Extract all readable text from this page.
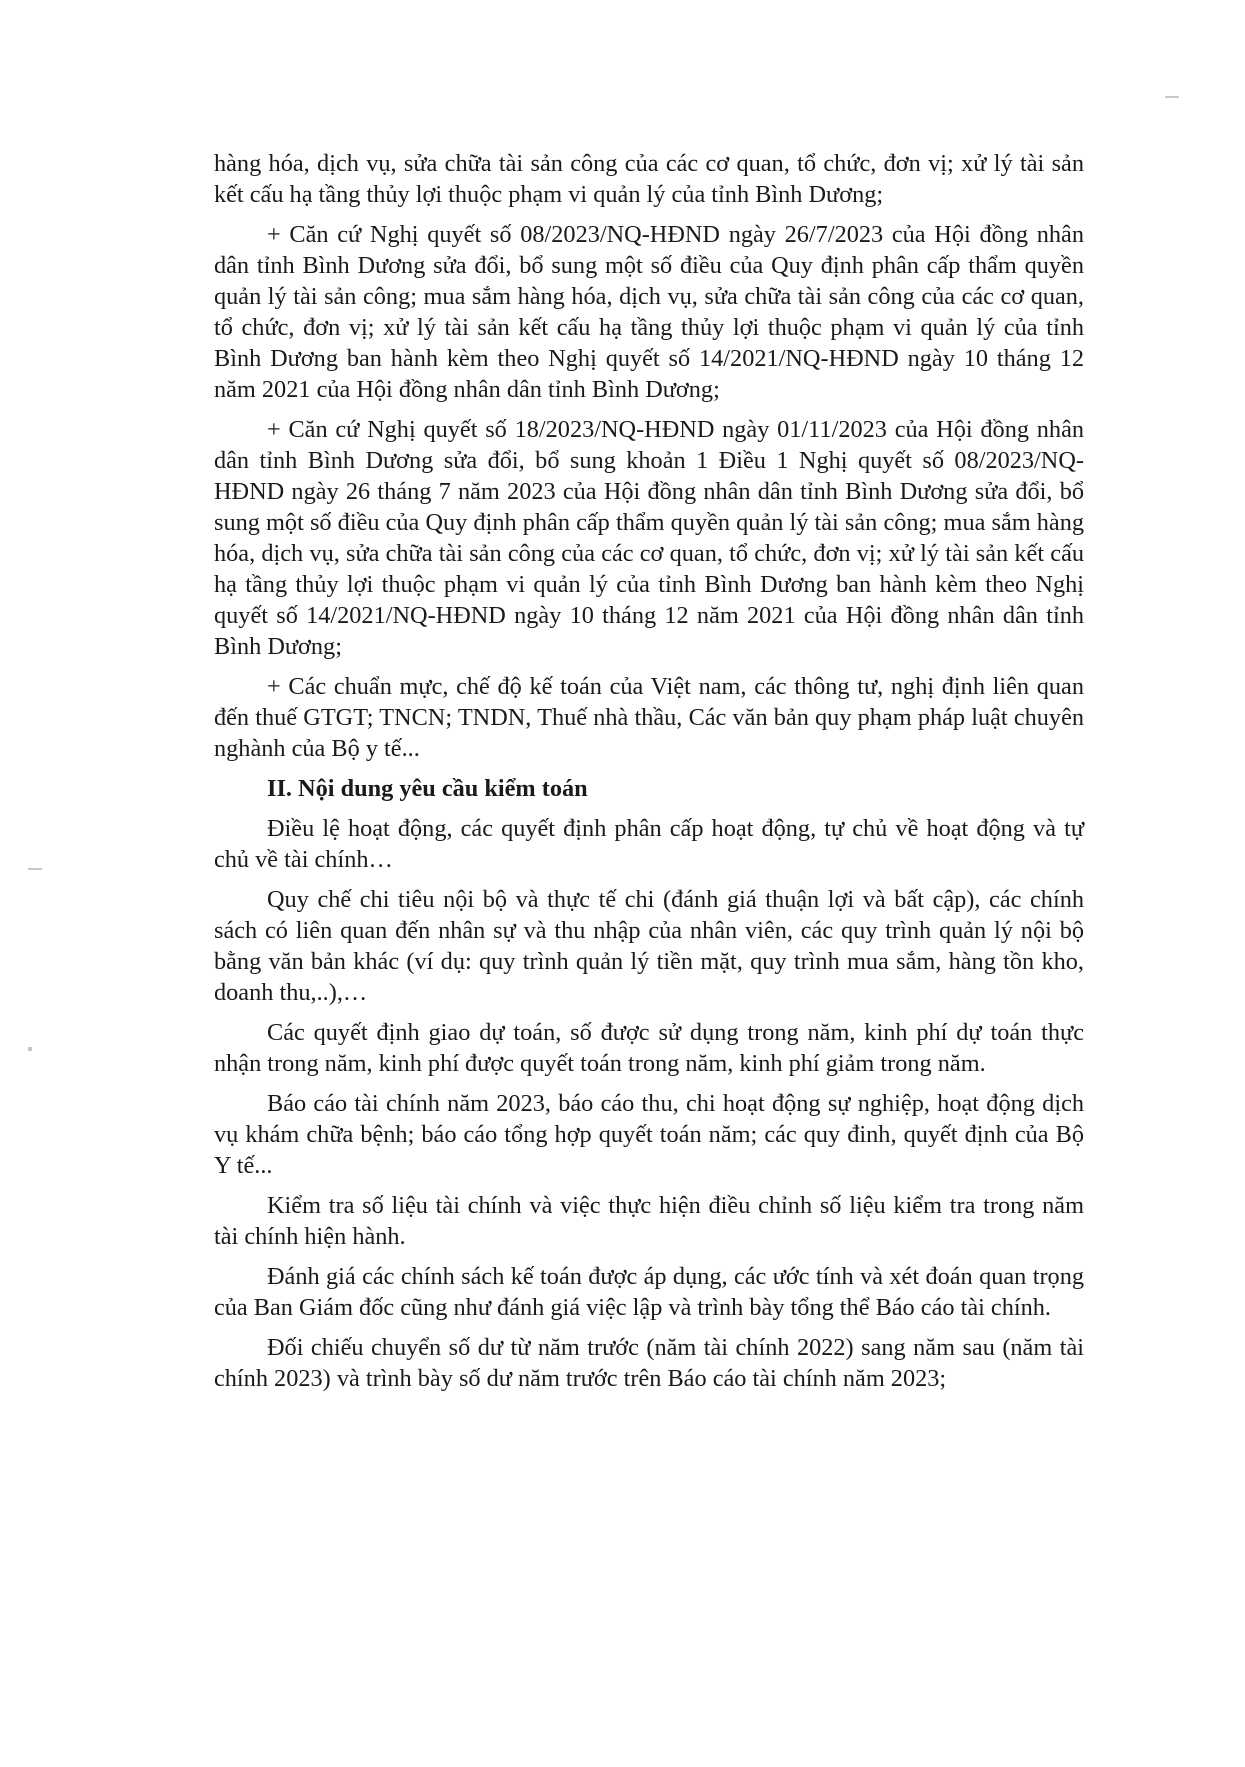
hàng hóa, dịch vụ, sửa chữa tài sản công của các cơ quan, tổ chức, đơn vị; xử lý tài sản kết cấu hạ tầng thủy lợi thuộc phạm vi quản lý của tỉnh Bình Dương;

+ Căn cứ Nghị quyết số 08/2023/NQ-HĐND ngày 26/7/2023 của Hội đồng nhân dân tỉnh Bình Dương sửa đổi, bổ sung một số điều của Quy định phân cấp thẩm quyền quản lý tài sản công; mua sắm hàng hóa, dịch vụ, sửa chữa tài sản công của các cơ quan, tổ chức, đơn vị; xử lý tài sản kết cấu hạ tầng thủy lợi thuộc phạm vi quản lý của tỉnh Bình Dương ban hành kèm theo Nghị quyết số 14/2021/NQ-HĐND ngày 10 tháng 12 năm 2021 của Hội đồng nhân dân tỉnh Bình Dương;

+ Căn cứ Nghị quyết số 18/2023/NQ-HĐND ngày 01/11/2023 của Hội đồng nhân dân tỉnh Bình Dương sửa đổi, bổ sung khoản 1 Điều 1 Nghị quyết số 08/2023/NQ-HĐND ngày 26 tháng 7 năm 2023 của Hội đồng nhân dân tỉnh Bình Dương sửa đổi, bổ sung một số điều của Quy định phân cấp thẩm quyền quản lý tài sản công; mua sắm hàng hóa, dịch vụ, sửa chữa tài sản công của các cơ quan, tổ chức, đơn vị; xử lý tài sản kết cấu hạ tầng thủy lợi thuộc phạm vi quản lý của tỉnh Bình Dương ban hành kèm theo Nghị quyết số 14/2021/NQ-HĐND ngày 10 tháng 12 năm 2021 của Hội đồng nhân dân tỉnh Bình Dương;

+ Các chuẩn mực, chế độ kế toán của Việt nam, các thông tư, nghị định liên quan đến thuế GTGT; TNCN; TNDN, Thuế nhà thầu, Các văn bản quy phạm pháp luật chuyên nghành của Bộ y tế...

II. Nội dung yêu cầu kiểm toán

Điều lệ hoạt động, các quyết định phân cấp hoạt động, tự chủ về hoạt động và tự chủ về tài chính…

Quy chế chi tiêu nội bộ và thực tế chi (đánh giá thuận lợi và bất cập), các chính sách có liên quan đến nhân sự và thu nhập của nhân viên, các quy trình quản lý nội bộ bằng văn bản khác (ví dụ: quy trình quản lý tiền mặt, quy trình mua sắm, hàng tồn kho, doanh thu,..),…

Các quyết định giao dự toán, số được sử dụng trong năm, kinh phí dự toán thực nhận trong năm, kinh phí được quyết toán trong năm, kinh phí giảm trong năm.

Báo cáo tài chính năm 2023, báo cáo thu, chi hoạt động sự nghiệp, hoạt động dịch vụ khám chữa bệnh; báo cáo tổng hợp quyết toán năm; các quy đinh, quyết định của Bộ Y tế...

Kiểm tra số liệu tài chính và việc thực hiện điều chỉnh số liệu kiểm tra trong năm tài chính hiện hành.

Đánh giá các chính sách kế toán được áp dụng, các ước tính và xét đoán quan trọng của Ban Giám đốc cũng như đánh giá việc lập và trình bày tổng thể Báo cáo tài chính.

Đối chiếu chuyển số dư từ năm trước (năm tài chính 2022) sang năm sau (năm tài chính 2023) và trình bày số dư năm trước trên Báo cáo tài chính năm 2023;
